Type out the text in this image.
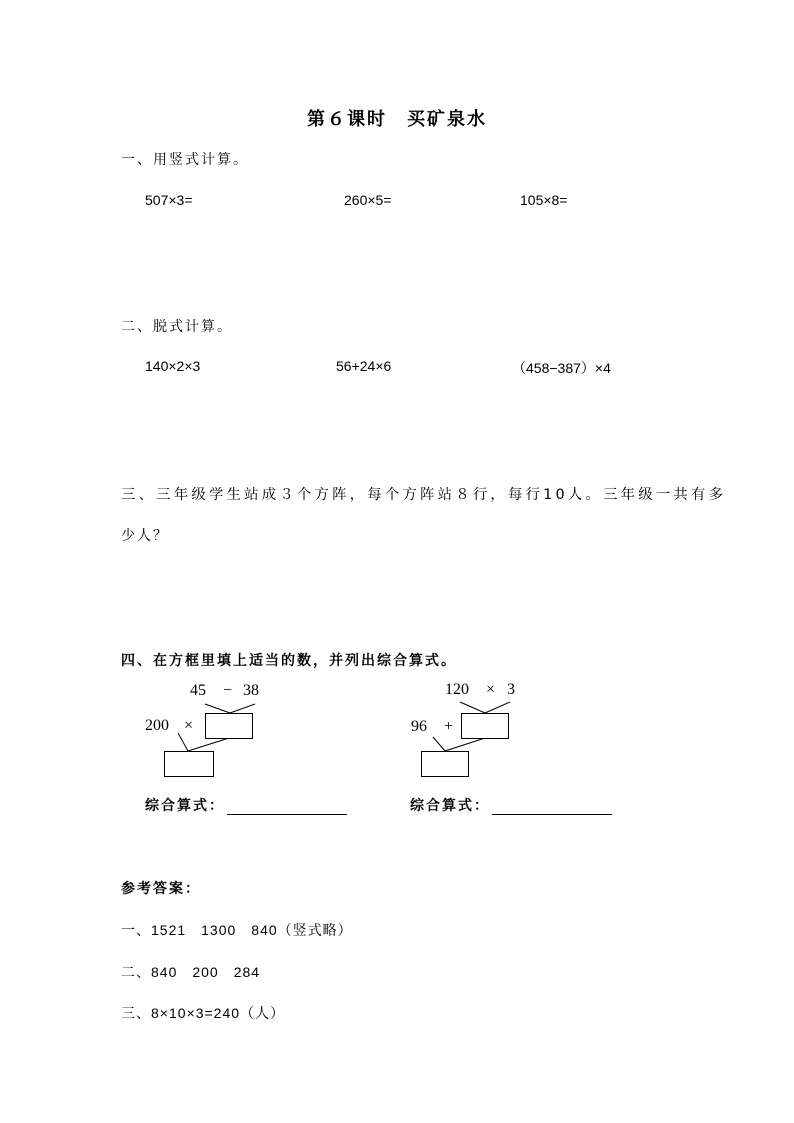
第６课时　买矿泉水
一、用竖式计算。
507×3=	260×5=	105×8=
二、脱式计算。
140×2×3	56+24×6	（458−387）×4
三、三年级学生站成３个方阵，每个方阵站８行，每行10人。三年级一共有多
少人？
四、在方框里填上适当的数，并列出综合算式。
45 − 38
200 ×
综合算式：
120 × 3
96 +
综合算式：
参考答案：
一、1521　1300　840（竖式略）
二、840　200　284
三、8×10×3=240（人）
